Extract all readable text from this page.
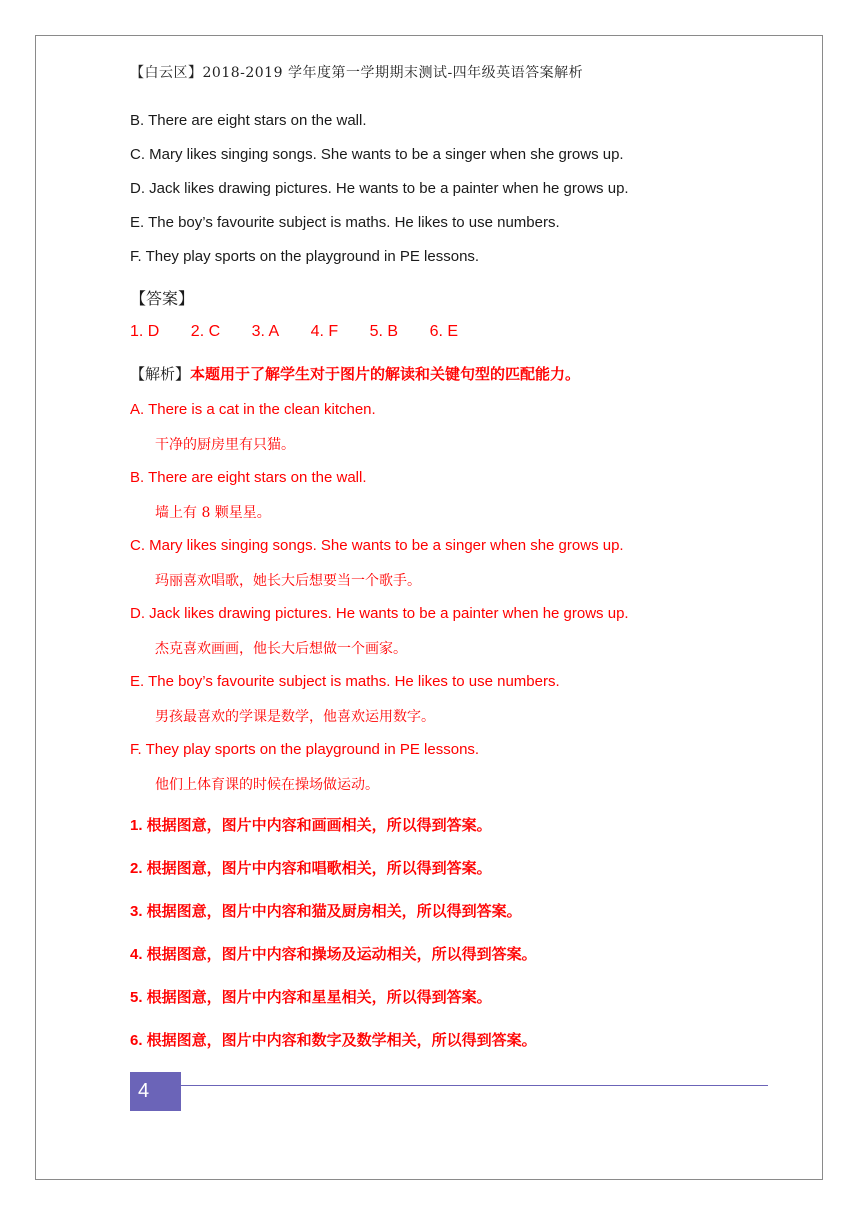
【白云区】2018-2019 学年度第一学期期末测试-四年级英语答案解析
B. There are eight stars on the wall.
C. Mary likes singing songs. She wants to be a singer when she grows up.
D. Jack likes drawing pictures. He wants to be a painter when he grows up.
E. The boy’s favourite subject is maths. He likes to use numbers.
F. They play sports on the playground in PE lessons.
【答案】
1. D 2. C 3. A 4. F 5. B 6. E
【解析】本题用于了解学生对于图片的解读和关键句型的匹配能力。
A. There is a cat in the clean kitchen.
干净的厨房里有只猫。
B. There are eight stars on the wall.
墙上有 8 颗星星。
C. Mary likes singing songs. She wants to be a singer when she grows up.
玛丽喜欢唱歌，她长大后想要当一个歌手。
D. Jack likes drawing pictures. He wants to be a painter when he grows up.
杰克喜欢画画，他长大后想做一个画家。
E. The boy’s favourite subject is maths. He likes to use numbers.
男孩最喜欢的学课是数学，他喜欢运用数字。
F. They play sports on the playground in PE lessons.
他们上体育课的时候在操场做运动。
1. 根据图意，图片中内容和画画相关，所以得到答案。
2. 根据图意，图片中内容和唱歌相关，所以得到答案。
3. 根据图意，图片中内容和猫及厨房相关，所以得到答案。
4. 根据图意，图片中内容和操场及运动相关，所以得到答案。
5. 根据图意，图片中内容和星星相关，所以得到答案。
6. 根据图意，图片中内容和数字及数学相关，所以得到答案。
4
